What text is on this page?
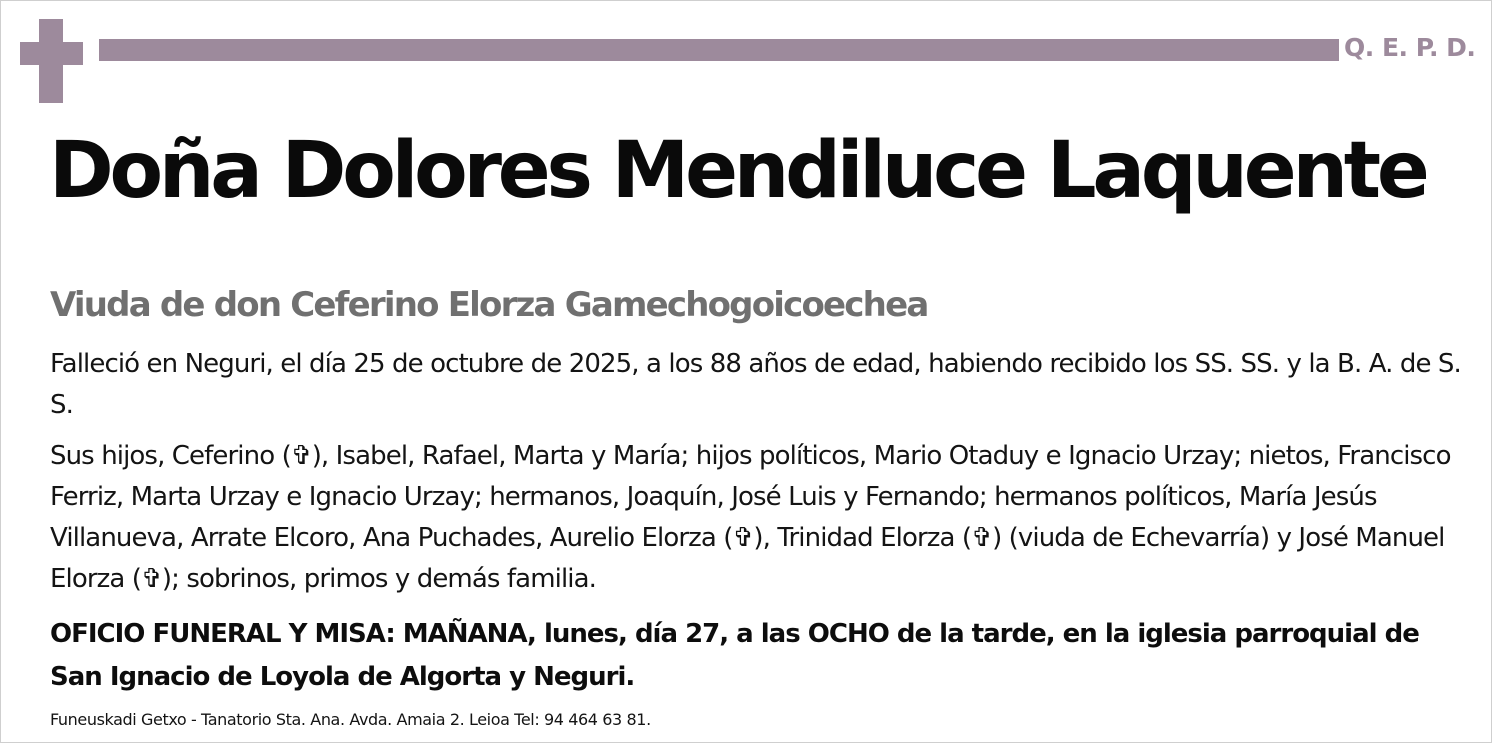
Q. E. P. D.
Doña Dolores Mendiluce Laquente
Viuda de don Ceferino Elorza Gamechogoicoechea

Falleció en Neguri, el día 25 de octubre de 2025, a los 88 años de edad, habiendo recibido los SS. SS. y la B. A. de S. S.

Sus hijos, Ceferino (✞), Isabel, Rafael, Marta y María; hijos políticos, Mario Otaduy e Ignacio Urzay; nietos, Francisco Ferriz, Marta Urzay e Ignacio Urzay; hermanos, Joaquín, José Luis y Fernando; hermanos políticos, María Jesús Villanueva, Arrate Elcoro, Ana Puchades, Aurelio Elorza (✞), Trinidad Elorza (✞) (viuda de Echevarría) y José Manuel Elorza (✞); sobrinos, primos y demás familia.

OFICIO FUNERAL Y MISA: MAÑANA, lunes, día 27, a las OCHO de la tarde, en la iglesia parroquial de San Ignacio de Loyola de Algorta y Neguri.

Funeuskadi Getxo - Tanatorio Sta. Ana. Avda. Amaia 2. Leioa Tel: 94 464 63 81.
